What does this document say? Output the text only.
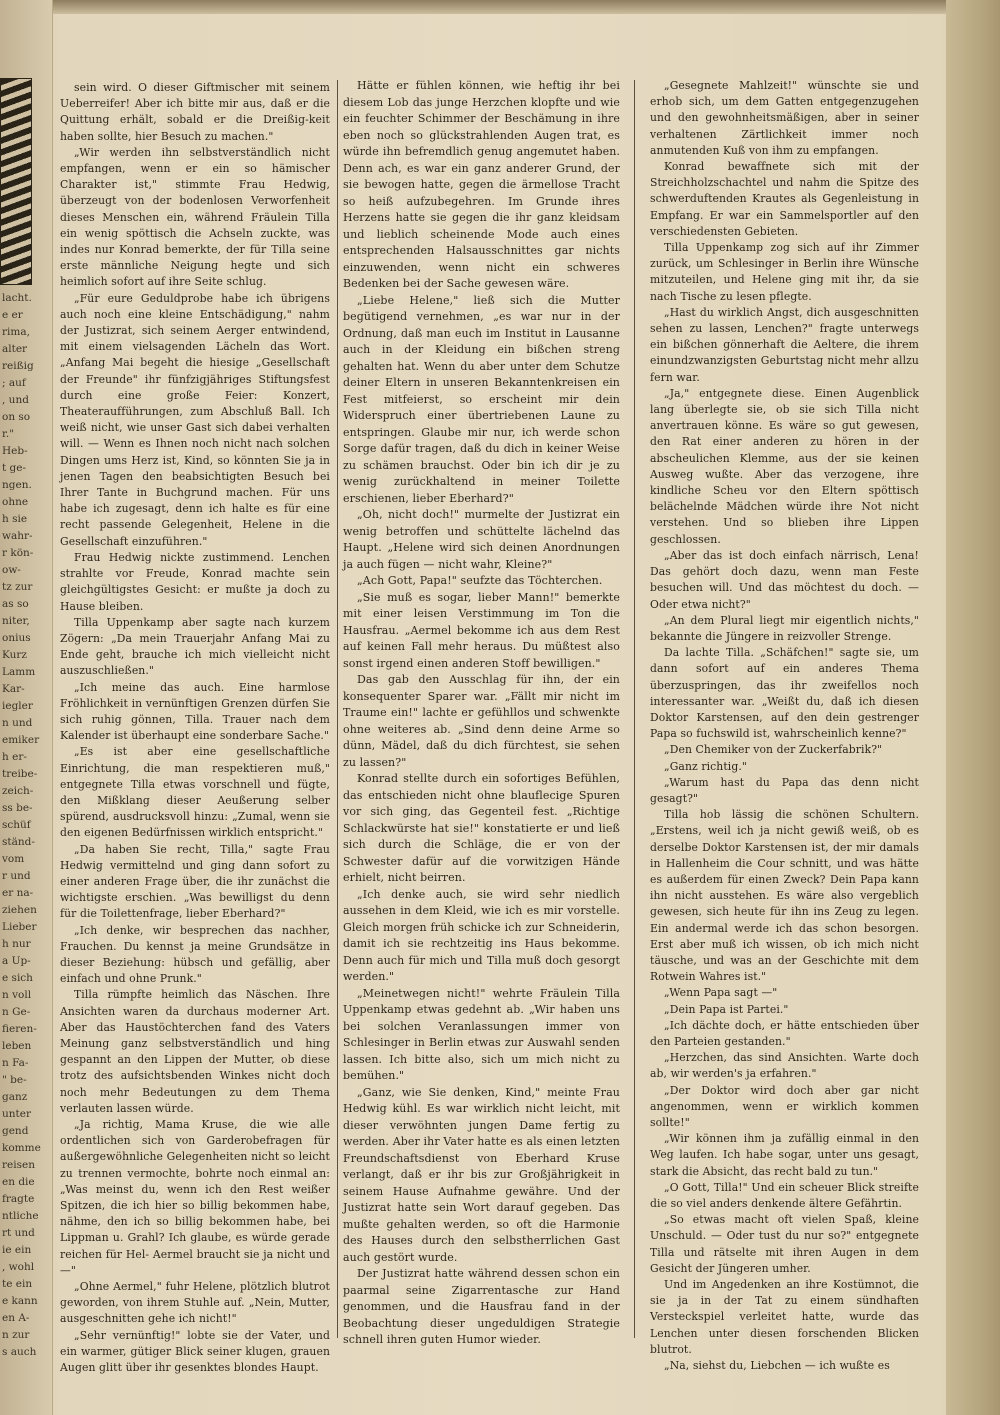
lacht.
e er
rima,
alter
reißig
; auf
, und
on so
r."
Heb-
t ge-
ngen.
ohne
h sie
wahr-
r kön-
ow-
tz zur
as so
niter,
onius
Kurz
Lamm
Kar-
iegler
n und
emiker
h er-
treibe-
zeich-
ss be-
schüf
ständ-
vom
r und
er na-
ziehen
Lieber
h nur
a Up-
e sich
n voll
n Ge-
fieren-
leben
n Fa-
" be-
ganz
unter
gend
komme
reisen
en die
fragte
ntliche
rt und
ie ein
, wohl
te ein
e kann
en A-
n zur
s auch

sein wird. O dieser Giftmischer mit seinem Ueberreifer! Aber ich bitte mir aus, daß er die Quittung erhält, sobald er die Dreißig-keit haben sollte, hier Besuch zu machen."

„Wir werden ihn selbstverständlich nicht empfangen, wenn er ein so hämischer Charakter ist," stimmte Frau Hedwig, überzeugt von der bodenlosen Verworfenheit dieses Menschen ein, während Fräulein Tilla ein wenig spöttisch die Achseln zuckte, was indes nur Konrad bemerkte, der für Tilla seine erste männliche Neigung hegte und sich heimlich sofort auf ihre Seite schlug.

„Für eure Geduldprobe habe ich übrigens auch noch eine kleine Entschädigung," nahm der Justizrat, sich seinem Aerger entwindend, mit einem vielsagenden Lächeln das Wort. „Anfang Mai begeht die hiesige „Gesellschaft der Freunde" ihr fünfzigjähriges Stiftungsfest durch eine große Feier: Konzert, Theateraufführungen, zum Abschluß Ball. Ich weiß nicht, wie unser Gast sich dabei verhalten will. — Wenn es Ihnen noch nicht nach solchen Dingen ums Herz ist, Kind, so könnten Sie ja in jenen Tagen den beabsichtigten Besuch bei Ihrer Tante in Buchgrund machen. Für uns habe ich zugesagt, denn ich halte es für eine recht passende Gelegenheit, Helene in die Gesellschaft einzuführen."

Frau Hedwig nickte zustimmend. Lenchen strahlte vor Freude, Konrad machte sein gleichgültigstes Gesicht: er mußte ja doch zu Hause bleiben.

Tilla Uppenkamp aber sagte nach kurzem Zögern: „Da mein Trauerjahr Anfang Mai zu Ende geht, brauche ich mich vielleicht nicht auszuschließen."

„Ich meine das auch. Eine harmlose Fröhlichkeit in vernünftigen Grenzen dürfen Sie sich ruhig gönnen, Tilla. Trauer nach dem Kalender ist überhaupt eine sonderbare Sache."

„Es ist aber eine gesellschaftliche Einrichtung, die man respektieren muß," entgegnete Tilla etwas vorschnell und fügte, den Mißklang dieser Aeußerung selber spürend, ausdrucksvoll hinzu: „Zumal, wenn sie den eigenen Bedürfnissen wirklich entspricht."

„Da haben Sie recht, Tilla," sagte Frau Hedwig vermittelnd und ging dann sofort zu einer anderen Frage über, die ihr zunächst die wichtigste erschien. „Was bewilligst du denn für die Toilettenfrage, lieber Eberhard?"

„Ich denke, wir besprechen das nachher, Frauchen. Du kennst ja meine Grundsätze in dieser Beziehung: hübsch und gefällig, aber einfach und ohne Prunk."

Tilla rümpfte heimlich das Näschen. Ihre Ansichten waren da durchaus moderner Art. Aber das Haustöchterchen fand des Vaters Meinung ganz selbstverständlich und hing gespannt an den Lippen der Mutter, ob diese trotz des aufsichtsbenden Winkes nicht doch noch mehr Bedeutungen zu dem Thema verlauten lassen würde.

„Ja richtig, Mama Kruse, die wie alle ordentlichen sich von Garderobefragen für außergewöhnliche Gelegenheiten nicht so leicht zu trennen vermochte, bohrte noch einmal an: „Was meinst du, wenn ich den Rest weißer Spitzen, die ich hier so billig bekommen habe, nähme, den ich so billig bekommen habe, bei Lippman u. Grahl? Ich glaube, es würde gerade reichen für Hel- Aermel braucht sie ja nicht und —"

„Ohne Aermel," fuhr Helene, plötzlich blutrot geworden, von ihrem Stuhle auf. „Nein, Mutter, ausgeschnitten gehe ich nicht!"

„Sehr vernünftig!" lobte sie der Vater, und ein warmer, gütiger Blick seiner klugen, grauen Augen glitt über ihr gesenktes blondes Haupt.

Hätte er fühlen können, wie heftig ihr bei diesem Lob das junge Herzchen klopfte und wie ein feuchter Schimmer der Beschämung in ihre eben noch so glückstrahlenden Augen trat, es würde ihn befremdlich genug angemutet haben. Denn ach, es war ein ganz anderer Grund, der sie bewogen hatte, gegen die ärmellose Tracht so heiß aufzubegehren. Im Grunde ihres Herzens hatte sie gegen die ihr ganz kleidsam und lieblich scheinende Mode auch eines entsprechenden Halsausschnittes gar nichts einzuwenden, wenn nicht ein schweres Bedenken bei der Sache gewesen wäre.

„Liebe Helene," ließ sich die Mutter begütigend vernehmen, „es war nur in der Ordnung, daß man euch im Institut in Lausanne auch in der Kleidung ein bißchen streng gehalten hat. Wenn du aber unter dem Schutze deiner Eltern in unseren Bekanntenkreisen ein Fest mitfeierst, so erscheint mir dein Widerspruch einer übertriebenen Laune zu entspringen. Glaube mir nur, ich werde schon Sorge dafür tragen, daß du dich in keiner Weise zu schämen brauchst. Oder bin ich dir je zu wenig zurückhaltend in meiner Toilette erschienen, lieber Eberhard?"

„Oh, nicht doch!" murmelte der Justizrat ein wenig betroffen und schüttelte lächelnd das Haupt. „Helene wird sich deinen Anordnungen ja auch fügen — nicht wahr, Kleine?"

„Ach Gott, Papa!" seufzte das Töchterchen.

„Sie muß es sogar, lieber Mann!" bemerkte mit einer leisen Verstimmung im Ton die Hausfrau. „Aermel bekomme ich aus dem Rest auf keinen Fall mehr heraus. Du müßtest also sonst irgend einen anderen Stoff bewilligen."

Das gab den Ausschlag für ihn, der ein konsequenter Sparer war. „Fällt mir nicht im Traume ein!" lachte er gefühllos und schwenkte ohne weiteres ab. „Sind denn deine Arme so dünn, Mädel, daß du dich fürchtest, sie sehen zu lassen?"

Konrad stellte durch ein sofortiges Befühlen, das entschieden nicht ohne blauflecige Spuren vor sich ging, das Gegenteil fest. „Richtige Schlackwürste hat sie!" konstatierte er und ließ sich durch die Schläge, die er von der Schwester dafür auf die vorwitzigen Hände erhielt, nicht beirren.

„Ich denke auch, sie wird sehr niedlich aussehen in dem Kleid, wie ich es mir vorstelle. Gleich morgen früh schicke ich zur Schneiderin, damit ich sie rechtzeitig ins Haus bekomme. Denn auch für mich und Tilla muß doch gesorgt werden."

„Meinetwegen nicht!" wehrte Fräulein Tilla Uppenkamp etwas gedehnt ab. „Wir haben uns bei solchen Veranlassungen immer von Schlesinger in Berlin etwas zur Auswahl senden lassen. Ich bitte also, sich um mich nicht zu bemühen."

„Ganz, wie Sie denken, Kind," meinte Frau Hedwig kühl. Es war wirklich nicht leicht, mit dieser verwöhnten jungen Dame fertig zu werden. Aber ihr Vater hatte es als einen letzten Freundschaftsdienst von Eberhard Kruse verlangt, daß er ihr bis zur Großjährigkeit in seinem Hause Aufnahme gewähre. Und der Justizrat hatte sein Wort darauf gegeben. Das mußte gehalten werden, so oft die Harmonie des Hauses durch den selbstherrlichen Gast auch gestört wurde.

Der Justizrat hatte während dessen schon ein paarmal seine Zigarrentasche zur Hand genommen, und die Hausfrau fand in der Beobachtung dieser ungeduldigen Strategie schnell ihren guten Humor wieder.

„Gesegnete Mahlzeit!" wünschte sie und erhob sich, um dem Gatten entgegenzugehen und den gewohnheitsmäßigen, aber in seiner verhaltenen Zärtlichkeit immer noch anmutenden Kuß von ihm zu empfangen.

Konrad bewaffnete sich mit der Streichholzschachtel und nahm die Spitze des schwerduftenden Krautes als Gegenleistung in Empfang. Er war ein Sammelsportler auf den verschiedensten Gebieten.

Tilla Uppenkamp zog sich auf ihr Zimmer zurück, um Schlesinger in Berlin ihre Wünsche mitzuteilen, und Helene ging mit ihr, da sie nach Tische zu lesen pflegte.

„Hast du wirklich Angst, dich ausgeschnitten sehen zu lassen, Lenchen?" fragte unterwegs ein bißchen gönnerhaft die Aeltere, die ihrem einundzwanzigsten Geburtstag nicht mehr allzu fern war.

„Ja," entgegnete diese. Einen Augenblick lang überlegte sie, ob sie sich Tilla nicht anvertrauen könne. Es wäre so gut gewesen, den Rat einer anderen zu hören in der abscheulichen Klemme, aus der sie keinen Ausweg wußte. Aber das verzogene, ihre kindliche Scheu vor den Eltern spöttisch belächelnde Mädchen würde ihre Not nicht verstehen. Und so blieben ihre Lippen geschlossen.

„Aber das ist doch einfach närrisch, Lena! Das gehört doch dazu, wenn man Feste besuchen will. Und das möchtest du doch. — Oder etwa nicht?"

„An dem Plural liegt mir eigentlich nichts," bekannte die Jüngere in reizvoller Strenge.

Da lachte Tilla. „Schäfchen!" sagte sie, um dann sofort auf ein anderes Thema überzuspringen, das ihr zweifellos noch interessanter war. „Weißt du, daß ich diesen Doktor Karstensen, auf den dein gestrenger Papa so fuchswild ist, wahrscheinlich kenne?"

„Den Chemiker von der Zuckerfabrik?"

„Ganz richtig."

„Warum hast du Papa das denn nicht gesagt?"

Tilla hob lässig die schönen Schultern. „Erstens, weil ich ja nicht gewiß weiß, ob es derselbe Doktor Karstensen ist, der mir damals in Hallenheim die Cour schnitt, und was hätte es außerdem für einen Zweck? Dein Papa kann ihn nicht ausstehen. Es wäre also vergeblich gewesen, sich heute für ihn ins Zeug zu legen. Ein andermal werde ich das schon besorgen. Erst aber muß ich wissen, ob ich mich nicht täusche, und was an der Geschichte mit dem Rotwein Wahres ist."

„Wenn Papa sagt —"

„Dein Papa ist Partei."

„Ich dächte doch, er hätte entschieden über den Parteien gestanden."

„Herzchen, das sind Ansichten. Warte doch ab, wir werden's ja erfahren."

„Der Doktor wird doch aber gar nicht angenommen, wenn er wirklich kommen sollte!"

„Wir können ihm ja zufällig einmal in den Weg laufen. Ich habe sogar, unter uns gesagt, stark die Absicht, das recht bald zu tun."

„O Gott, Tilla!" Und ein scheuer Blick streifte die so viel anders denkende ältere Gefährtin.

„So etwas macht oft vielen Spaß, kleine Unschuld. — Oder tust du nur so?" entgegnete Tilla und rätselte mit ihren Augen in dem Gesicht der Jüngeren umher.

Und im Angedenken an ihre Kostümnot, die sie ja in der Tat zu einem sündhaften Versteckspiel verleitet hatte, wurde das Lenchen unter diesen forschenden Blicken blutrot.

„Na, siehst du, Liebchen — ich wußte es
